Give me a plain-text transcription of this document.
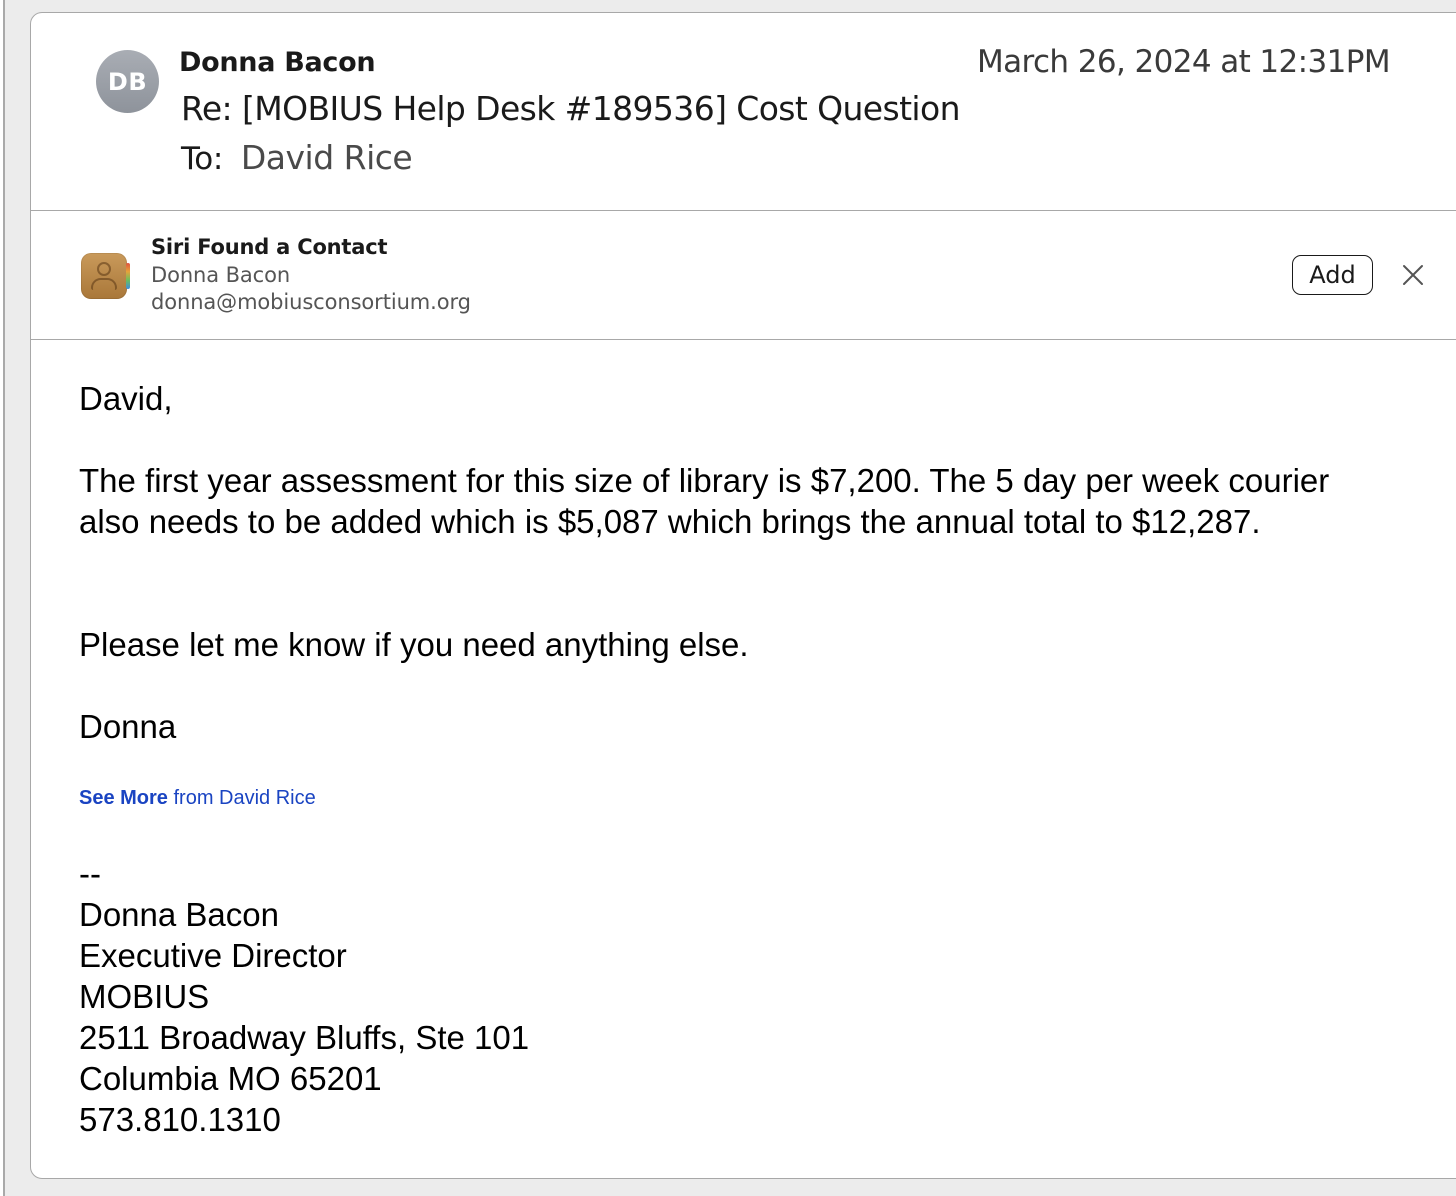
DB
Donna Bacon	March 26, 2024 at 12:31PM
Re: [MOBIUS Help Desk #189536] Cost Question
To: David Rice
Siri Found a Contact
Donna Bacon
donna@mobiusconsortium.org
Add
David,
The first year assessment for this size of library is $7,200. The 5 day per week courier also needs to be added which is $5,087 which brings the annual total to $12,287.
Please let me know if you need anything else.
Donna
See More from David Rice
--
Donna Bacon
Executive Director
MOBIUS
2511 Broadway Bluffs, Ste 101
Columbia MO 65201
573.810.1310
